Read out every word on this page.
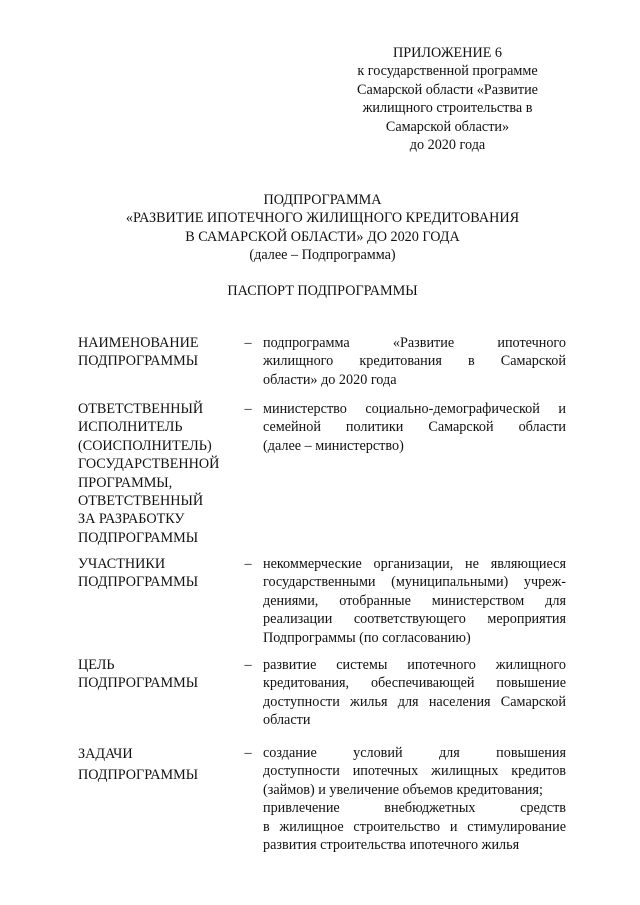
ПРИЛОЖЕНИЕ 6
к государственной программе
Самарской области «Развитие
жилищного строительства в
Самарской области»
до 2020 года
ПОДПРОГРАММА
«РАЗВИТИЕ ИПОТЕЧНОГО ЖИЛИЩНОГО КРЕДИТОВАНИЯ
В САМАРСКОЙ ОБЛАСТИ» ДО 2020 ГОДА
(далее – Подпрограмма)
ПАСПОРТ ПОДПРОГРАММЫ
НАИМЕНОВАНИЕ
ПОДПРОГРАММЫ
– подпрограмма «Развитие ипотечного
жилищного кредитования в Самарской
области» до 2020 года
ОТВЕТСТВЕННЫЙ
ИСПОЛНИТЕЛЬ
(СОИСПОЛНИТЕЛЬ)
ГОСУДАРСТВЕННОЙ
ПРОГРАММЫ,
ОТВЕТСТВЕННЫЙ
ЗА РАЗРАБОТКУ
ПОДПРОГРАММЫ
– министерство социально-демографической и
семейной политики Самарской области
(далее – министерство)
УЧАСТНИКИ
ПОДПРОГРАММЫ
– некоммерческие организации, не являющиеся
государственными (муниципальными) учреж-
дениями, отобранные министерством для
реализации соответствующего мероприятия
Подпрограммы (по согласованию)
ЦЕЛЬ
ПОДПРОГРАММЫ
– развитие системы ипотечного жилищного
кредитования, обеспечивающей повышение
доступности жилья для населения Самарской
области
ЗАДАЧИ
ПОДПРОГРАММЫ
– создание условий для повышения
доступности ипотечных жилищных кредитов
(займов) и увеличение объемов кредитования;
привлечение внебюджетных средств
в жилищное строительство и стимулирование
развития строительства ипотечного жилья
